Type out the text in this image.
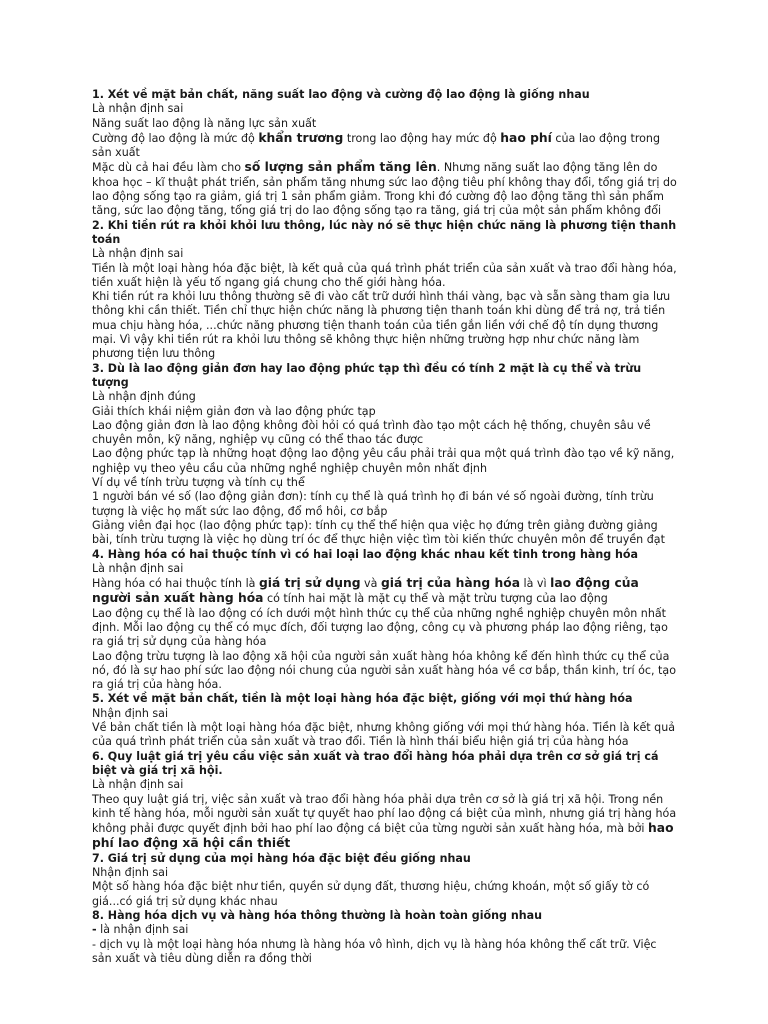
1. Xét về mặt bản chất, năng suất lao động và cường độ lao động là giống nhau

Là nhận định sai

Năng suất lao động là năng lực sản xuất

Cường độ lao động là mức độ khẩn trương trong lao động hay mức độ hao phí của lao động trong sản xuất

Mặc dù cả hai đều làm cho số lượng sản phẩm tăng lên. Nhưng năng suất lao động tăng lên do khoa học – kĩ thuật phát triển, sản phẩm tăng nhưng sức lao động tiêu phí không thay đổi, tổng giá trị do lao động sống tạo ra giảm, giá trị 1 sản phẩm giảm. Trong khi đó cường độ lao động tăng thì sản phẩm tăng, sức lao động tăng, tổng giá trị do lao động sống tạo ra tăng, giá trị của một sản phẩm không đổi

2. Khi tiền rút ra khỏi khỏi lưu thông, lúc này nó sẽ thực hiện chức năng là phương tiện thanh toán

Là nhận định sai

Tiền là một loại hàng hóa đặc biệt, là kết quả của quá trình phát triển của sản xuất và trao đổi hàng hóa, tiền xuất hiện là yếu tố ngang giá chung cho thế giới hàng hóa.

Khi tiền rút ra khỏi lưu thông thường sẽ đi vào cất trữ dưới hình thái vàng, bạc và sẵn sàng tham gia lưu thông khi cần thiết. Tiền chỉ thực hiện chức năng là phương tiện thanh toán khi dùng để trả nợ, trả tiền mua chịu hàng hóa, ...chức năng phương tiện thanh toán của tiền gắn liền với chế độ tín dụng thương mại. Vì vậy khi tiền rút ra khỏi lưu thông sẽ không thực hiện những trường hợp như chức năng làm phương tiện lưu thông

3. Dù là lao động giản đơn hay lao động phức tạp thì đều có tính 2 mặt là cụ thể và trừu tượng

Là nhận định đúng

Giải thích khái niệm giản đơn và lao động phức tạp

Lao động giản đơn là lao động không đòi hỏi có quá trình đào tạo một cách hệ thống, chuyên sâu về chuyên môn, kỹ năng, nghiệp vụ cũng có thể thao tác được

Lao động phức tạp là những hoạt động lao động yêu cầu phải trải qua một quá trình đào tạo về kỹ năng, nghiệp vụ theo yêu cầu của những nghề nghiệp chuyên môn nhất định

Ví dụ về tính trừu tượng và tính cụ thể

1 người bán vé số (lao động giản đơn): tính cụ thể là quá trình họ đi bán vé số ngoài đường, tính trừu tượng là việc họ mất sức lao động, đổ mồ hôi, cơ bắp

Giảng viên đại học (lao động phức tạp): tính cụ thể thể hiện qua việc họ đứng trên giảng đường giảng bài, tính trừu tượng là việc họ dùng trí óc để thực hiện việc tìm tòi kiến thức chuyên môn để truyền đạt

4. Hàng hóa có hai thuộc tính vì có hai loại lao động khác nhau kết tinh trong hàng hóa

Là nhận định sai

Hàng hóa có hai thuộc tính là giá trị sử dụng và giá trị của hàng hóa là vì lao động của người sản xuất hàng hóa có tính hai mặt là mặt cụ thể và mặt trừu tượng của lao động

Lao động cụ thể là lao động có ích dưới một hình thức cụ thể của những nghề nghiệp chuyên môn nhất định. Mỗi lao động cụ thể có mục đích, đối tượng lao động, công cụ và phương pháp lao động riêng, tạo ra giá trị sử dụng của hàng hóa

Lao động trừu tượng là lao động xã hội của người sản xuất hàng hóa không kể đến hình thức cụ thể của nó, đó là sự hao phí sức lao động nói chung của người sản xuất hàng hóa về cơ bắp, thần kinh, trí óc, tạo ra giá trị của hàng hóa.

5. Xét về mặt bản chất, tiền là một loại hàng hóa đặc biệt, giống với mọi thứ hàng hóa

Nhận định sai

Về bản chất tiền là một loại hàng hóa đặc biệt, nhưng không giống với mọi thứ hàng hóa. Tiền là kết quả của quá trình phát triển của sản xuất và trao đổi. Tiền là hình thái biểu hiện giá trị của hàng hóa

6. Quy luật giá trị yêu cầu việc sản xuất và trao đổi hàng hóa phải dựa trên cơ sở giá trị cá biệt và giá trị xã hội.

Là nhận định sai

Theo quy luật giá trị, việc sản xuất và trao đổi hàng hóa phải dựa trên cơ sở là giá trị xã hội. Trong nền kinh tế hàng hóa, mỗi người sản xuất tự quyết hao phí lao động cá biệt của mình, nhưng giá trị hàng hóa không phải được quyết định bởi hao phí lao động cá biệt của từng người sản xuất hàng hóa, mà bởi hao phí lao động xã hội cần thiết

7. Giá trị sử dụng của mọi hàng hóa đặc biệt đều giống nhau

Nhận định sai

Một số hàng hóa đặc biệt như tiền, quyền sử dụng đất, thương hiệu, chứng khoán, một số giấy tờ có giá...có giá trị sử dụng khác nhau

8. Hàng hóa dịch vụ và hàng hóa thông thường là hoàn toàn giống nhau

- là nhận định sai

- dịch vụ là một loại hàng hóa nhưng là hàng hóa vô hình, dịch vụ là hàng hóa không thể cất trữ. Việc sản xuất và tiêu dùng diễn ra đồng thời
